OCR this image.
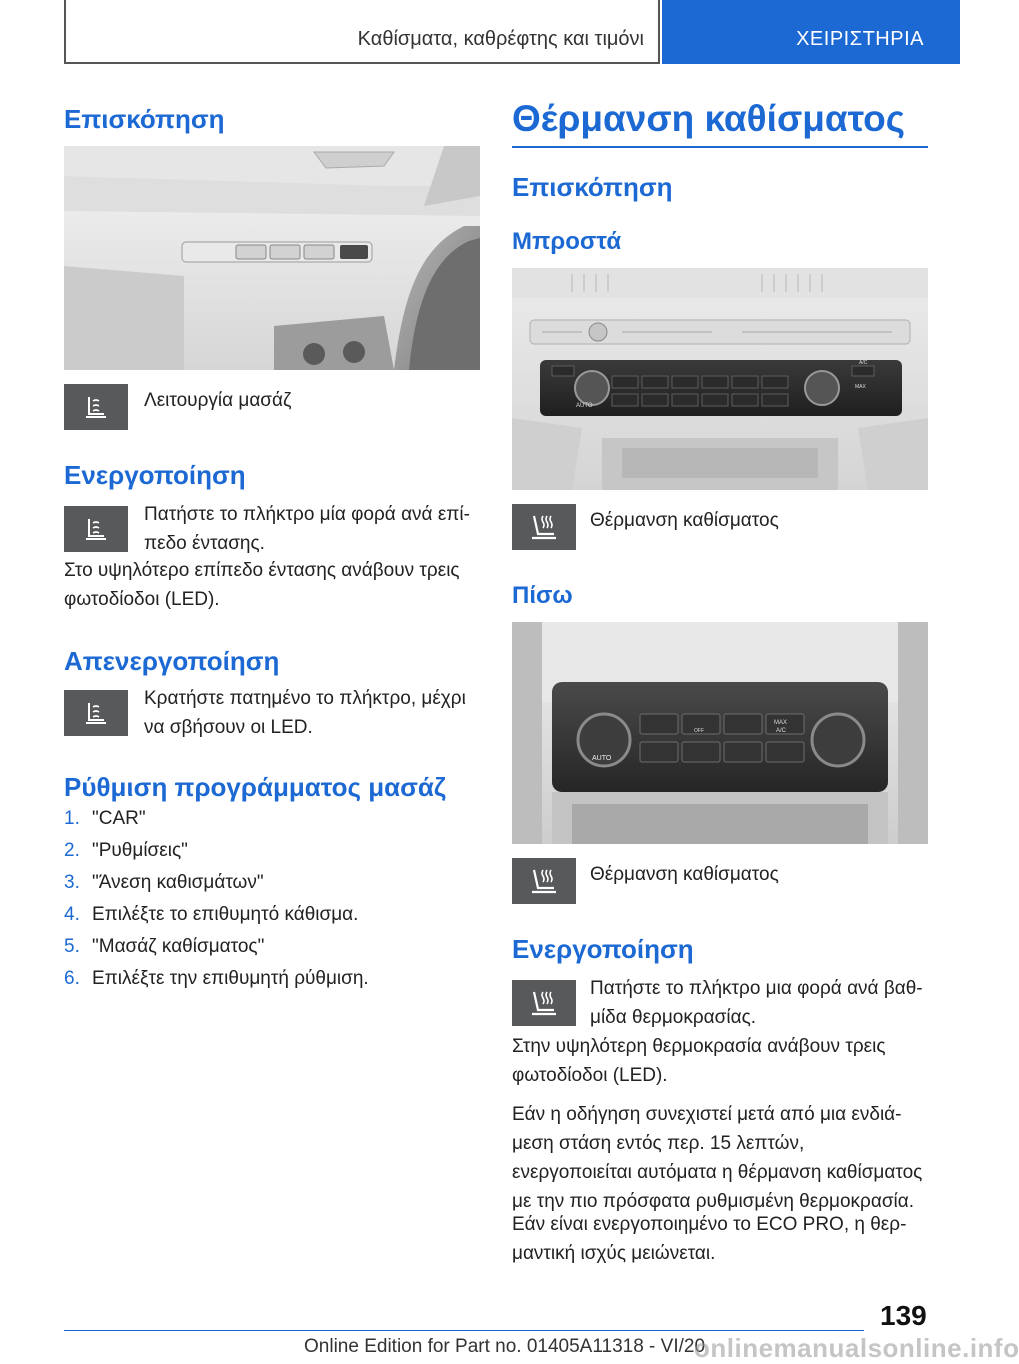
Καθίσματα, καθρέφτης και τιμόνι	ΧΕΙΡΙΣΤΗΡΙΑ
Επισκόπηση
Λειτουργία μασάζ
Ενεργοποίηση
Πατήστε το πλήκτρο μία φορά ανά επί-πεδο έντασης.
Στο υψηλότερο επίπεδο έντασης ανάβουν τρεις φωτοδίοδοι (LED).
Απενεργοποίηση
Κρατήστε πατημένο το πλήκτρο, μέχρι να σβήσουν οι LED.
Ρύθμιση προγράμματος μασάζ
1. "CAR"
2. "Ρυθμίσεις"
3. "Άνεση καθισμάτων"
4. Επιλέξτε το επιθυμητό κάθισμα.
5. "Μασάζ καθίσματος"
6. Επιλέξτε την επιθυμητή ρύθμιση.
Θέρμανση καθίσματος
Επισκόπηση
Μπροστά
AUTO
A/C
MAX
Θέρμανση καθίσματος
Πίσω
AUTO
OFF
MAX
A/C
Θέρμανση καθίσματος
Ενεργοποίηση
Πατήστε το πλήκτρο μια φορά ανά βαθ-μίδα θερμοκρασίας.
Στην υψηλότερη θερμοκρασία ανάβουν τρεις φωτοδίοδοι (LED).
Εάν η οδήγηση συνεχιστεί μετά από μια ενδιά-μεση στάση εντός περ. 15 λεπτών, ενεργοποιείται αυτόματα η θέρμανση καθίσματος με την πιο πρόσφατα ρυθμισμένη θερμοκρασία.
Εάν είναι ενεργοποιημένο το ECO PRO, η θερ-μαντική ισχύς μειώνεται.
139
Online Edition for Part no. 01405A11318 - VI/20
onlinemanualsonline.info
